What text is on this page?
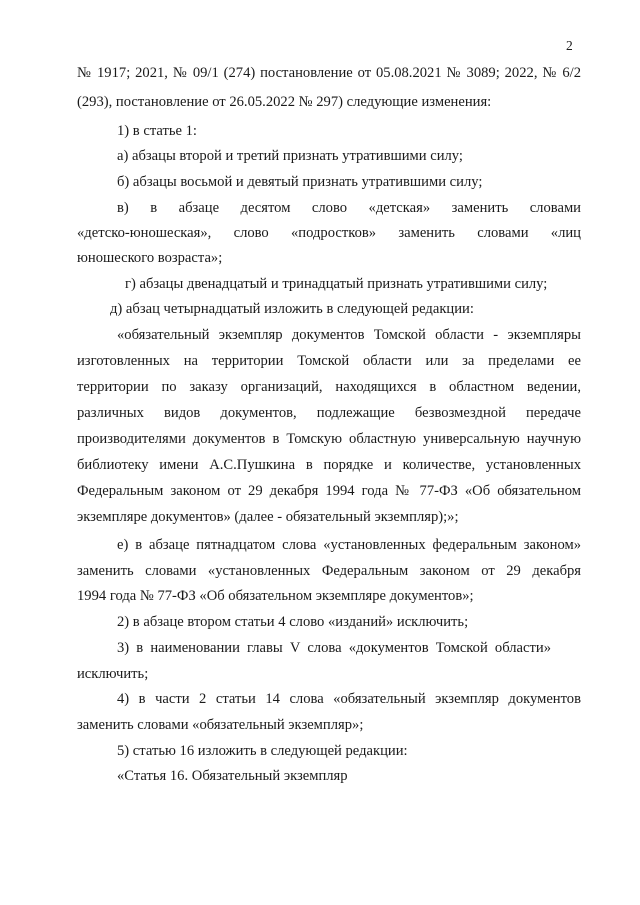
2
№ 1917; 2021, № 09/1 (274) постановление от 05.08.2021 № 3089; 2022, № 6/2
(293), постановление от 26.05.2022 № 297) следующие изменения:
1) в статье 1:
а) абзацы второй и третий признать утратившими силу;
б) абзацы восьмой и девятый признать утратившими силу;
в) в абзаце десятом слово «детская» заменить словами
«детско-юношеская», слово «подростков» заменить словами «лиц
юношеского возраста»;
г) абзацы двенадцатый и тринадцатый признать утратившими силу;
д) абзац четырнадцатый изложить в следующей редакции:
«обязательный экземпляр документов Томской области - экземпляры
изготовленных на территории Томской области или за пределами ее
территории по заказу организаций, находящихся в областном ведении,
различных видов документов, подлежащие безвозмездной передаче
производителями документов в Томскую областную универсальную научную
библиотеку имени А.С.Пушкина в порядке и количестве, установленных
Федеральным законом от 29 декабря 1994 года № 77-ФЗ «Об обязательном
экземпляре документов» (далее - обязательный экземпляр);»;
е) в абзаце пятнадцатом слова «установленных федеральным законом»
заменить словами «установленных Федеральным законом от 29 декабря
1994 года № 77-ФЗ «Об обязательном экземпляре документов»;
2) в абзаце втором статьи 4 слово «изданий» исключить;
3) в наименовании главы V слова «документов Томской области»
исключить;
4) в части 2 статьи 14 слова «обязательный экземпляр документов
заменить словами «обязательный экземпляр»;
5) статью 16 изложить в следующей редакции:
«Статья 16. Обязательный экземпляр
